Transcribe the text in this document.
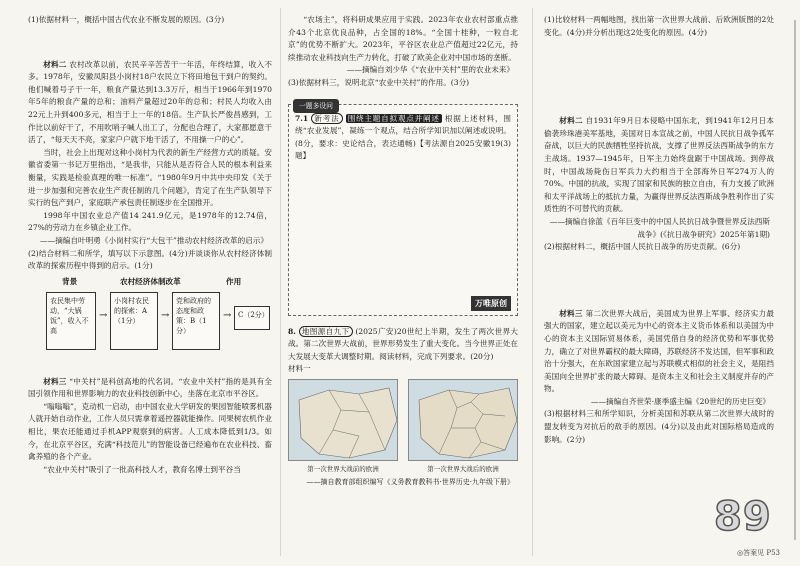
(1)依据材料一，概括中国古代农业不断发展的原因。(3分)
材料二 农村改革以前，农民辛辛苦苦干一年活，年终结算，收入不多。1978年，安徽凤阳县小岗村18户农民立下将田地包干到户的契约。他们喊着号子干一年，粮食产量达到13.3万斤，相当于1966年到1970年5年的粮食产量的总和；油料产量超过20年的总和；村民人均收入由22元上升到400多元，相当于上一年的18倍。生产队长严俊昌感到，工作比以前好干了，不用吹哨子喊人出工了，分配也合理了，大家都愿意干活了，“每天天不亮，家家户户就下地干活了，不用操一户的心”。
当时，社会上出现对这种小岗村为代表的新生产经营方式的质疑。安徽省委第一书记万里指出，“是我非，只能从是否符合人民的根本利益来衡量，实践是检验真理的唯一标准”。“1980年9月中共中央印发《关于进一步加强和完善农业生产责任制的几个问题》，肯定了在生产队领导下实行的包产到户，家庭联产承包责任制逐步在全国推开。
1998年中国农业总产值14 241.9亿元，是1978年的12.74倍，27%的劳动力在乡镇企业工作。
——摘编自叶明勇《小岗村实行“大包干”推动农村经济改革的启示》
(2)结合材料二和所学，填写以下示意图。(4分)并谈谈你从农村经济体制改革的探索历程中得到的启示。(1分)
背景	农村经济体制改革	作用
农民集中劳动，“大锅饭”，收入不高
→
小岗村农民的探索：A（1分）	→
党和政府的态度和政策：B（1分）
→ C（2分）
材料三 “中关村”是科创高地的代名词。“农业中关村”指的是具有全国引领作用和世界影响力的农业科技创新中心，坐落在北京市平谷区。
“嗡嗡嗡”，克动机一启动，由中国农业大学研发的果园智能喷雾机器人就开始自动作业，工作人员只需拿着遥控器就能操作。同果树农机作业相比，果农还能通过手机APP观察到的病害。人工成本降低到1/3。如今，在北京平谷区，充满“科技范儿”的智能设备已经遍布在农业科技、畜禽养殖的各个产业。
“农业中关村”吸引了一批高科技人才，教育名博士到平谷当
“农场主”，将科研成果应用于实践。2023年农业农村部重点推介43个北京优良品种，占全国的18%。“全国十桂种，一粒自北京”的优势不断扩大。2023年，平谷区农业总产值超过22亿元，持续推动农业科技向生产力转化，打破了欧美企业对中国市场的垄断。
——摘编自刘少华《“农业中关村”里的农业未来》
(3)依据材料三，说明北京“农业中关村”的作用。(3分)
一题多设问
7.1 新考法 围绕主题自拟观点并阐述 根据上述材料，围绕“农业发展”，凝练一个观点，结合所学知识加以阐述或说明。(8分，要求：史论结合，表达通畅)【考法源自2025安徽19(3)题】
万唯原创
8. 地图源自九下 (2025广安)20世纪上半期，发生了两次世界大战。第二次世界大战前，世界形势发生了重大变化。当今世界正处在大发展大变革大调整时期。阅读材料，完成下列要求。(20分)
材料一
第一次世界大战前的欧洲	第一次世界大战后的欧洲
——摘自教育部组织编写《义务教育教科书·世界历史·九年级下册》
(1)比较材料一两幅地图，找出第一次世界大战前、后欧洲版图的2处变化。(4分)并分析出现这2处变化的原因。(4分)
材料二 自1931年9月日本侵略中国东北，到1941年12月日本偷袭珍珠港美军基地，美国对日本宣战之前，中国人民抗日战争孤军奋战，以巨大的民族牺牲坚持抗战，支撑了世界反法西斯战争的东方主战场。1937—1945年，日军主力始终盘踞于中国战场。到停战时，中国战场毙伤日军兵力大约相当于全部海外日军274万人的70%。中国的抗战，实现了国家和民族的独立自由，有力支援了欧洲和太平洋战场上的抵抗力量，为赢得世界反法西斯战争胜利作出了实质性的不可替代的贡献。
——摘编自徐蓝《百年巨变中的中国人民抗日战争暨世界反法西斯战争》(《抗日战争研究》2025年第1期)
(2)根据材料二，概括中国人民抗日战争的历史贡献。(6分)
材料三 第二次世界大战后，美国成为世界上军事、经济实力最强大的国家，建立起以美元为中心的资本主义货币体系和以美国为中心的资本主义国际贸易体系，美国凭借自身的经济优势和军事优势力，确立了对世界霸权的最大障碍，苏联经济不发达国，但军事和政治十分强大，在东欧国家建立起与苏联模式相似的社会主义，是阻挡美国向全世界扩张的最大障碍。是资本主义和社会主义制度并存的产物。
——摘编自齐世荣·康季盛主编《20世纪的历史巨变》
(3)根据材料三和所学知识，分析美国和苏联从第二次世界大战时的盟友转变为对抗后的敌手的原因。(4分)以及由此对国际格局造成的影响。(2分)
89
◎答案见 P53
